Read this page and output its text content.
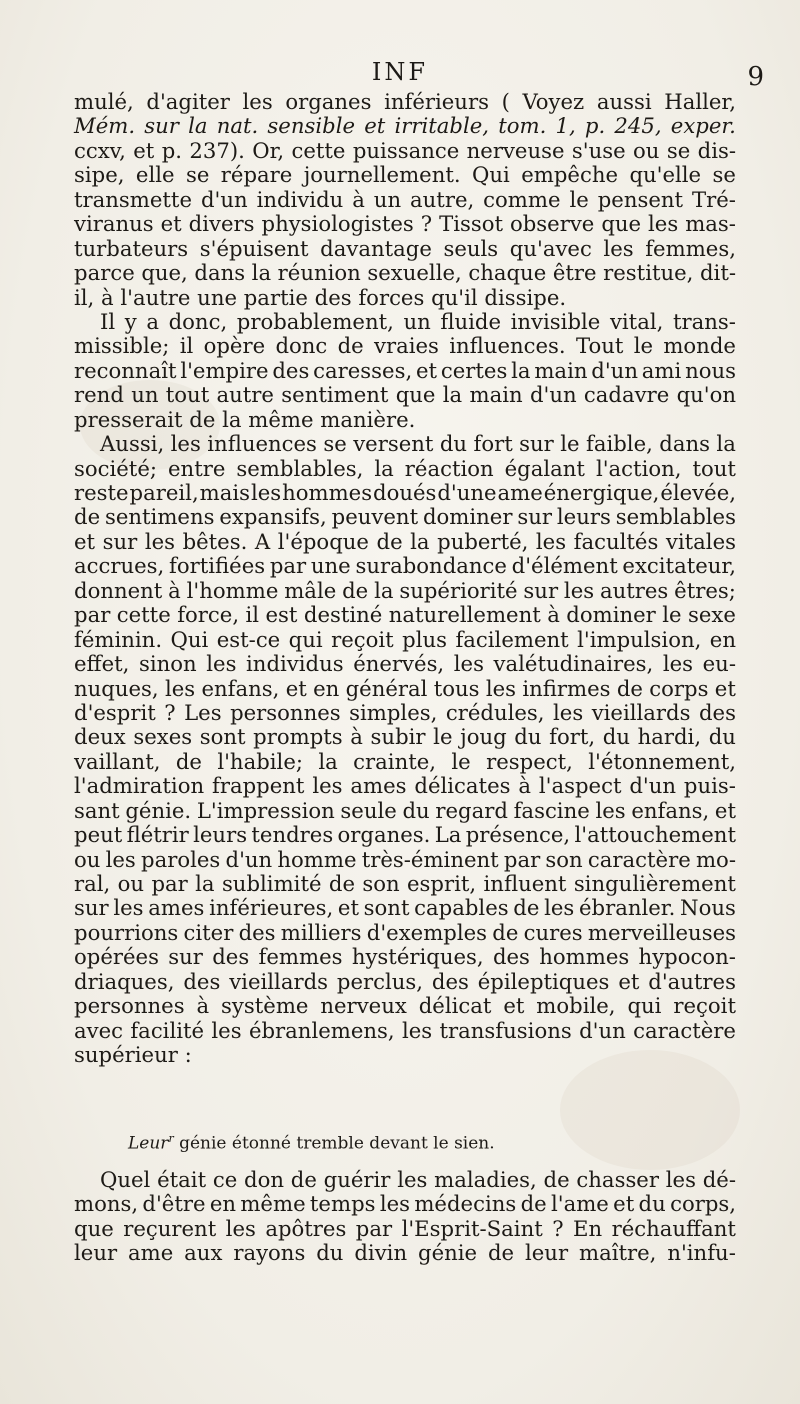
INF	9
mulé, d'agiter les organes inférieurs ( Voyez aussi Haller,
Mém. sur la nat. sensible et irritable, tom. 1, p. 245, exper.
ccxv, et p. 237). Or, cette puissance nerveuse s'use ou se dis-
sipe, elle se répare journellement. Qui empêche qu'elle se
transmette d'un individu à un autre, comme le pensent Tré-
viranus et divers physiologistes ? Tissot observe que les mas-
turbateurs s'épuisent davantage seuls qu'avec les femmes,
parce que, dans la réunion sexuelle, chaque être restitue, dit-
il, à l'autre une partie des forces qu'il dissipe.
Il y a donc, probablement, un fluide invisible vital, trans-
missible; il opère donc de vraies influences. Tout le monde
reconnaît l'empire des caresses, et certes la main d'un ami nous
rend un tout autre sentiment que la main d'un cadavre qu'on
presserait de la même manière.
Aussi, les influences se versent du fort sur le faible, dans la
société; entre semblables, la réaction égalant l'action, tout
reste pareil, mais les hommes doués d'une ame énergique, élevée,
de sentimens expansifs, peuvent dominer sur leurs semblables
et sur les bêtes. A l'époque de la puberté, les facultés vitales
accrues, fortifiées par une surabondance d'élément excitateur,
donnent à l'homme mâle de la supériorité sur les autres êtres;
par cette force, il est destiné naturellement à dominer le sexe
féminin. Qui est-ce qui reçoit plus facilement l'impulsion, en
effet, sinon les individus énervés, les valétudinaires, les eu-
nuques, les enfans, et en général tous les infirmes de corps et
d'esprit ? Les personnes simples, crédules, les vieillards des
deux sexes sont prompts à subir le joug du fort, du hardi, du
vaillant, de l'habile; la crainte, le respect, l'étonnement,
l'admiration frappent les ames délicates à l'aspect d'un puis-
sant génie. L'impression seule du regard fascine les enfans, et
peut flétrir leurs tendres organes. La présence, l'attouchement
ou les paroles d'un homme très-éminent par son caractère mo-
ral, ou par la sublimité de son esprit, influent singulièrement
sur les ames inférieures, et sont capables de les ébranler. Nous
pourrions citer des milliers d'exemples de cures merveilleuses
opérées sur des femmes hystériques, des hommes hypocon-
driaques, des vieillards perclus, des épileptiques et d'autres
personnes à système nerveux délicat et mobile, qui reçoit
avec facilité les ébranlemens, les transfusions d'un caractère
supérieur :
Leur$^r$ génie étonné tremble devant le sien.
Quel était ce don de guérir les maladies, de chasser les dé-
mons, d'être en même temps les médecins de l'ame et du corps,
que reçurent les apôtres par l'Esprit-Saint ? En réchauffant
leur ame aux rayons du divin génie de leur maître, n'infu-
